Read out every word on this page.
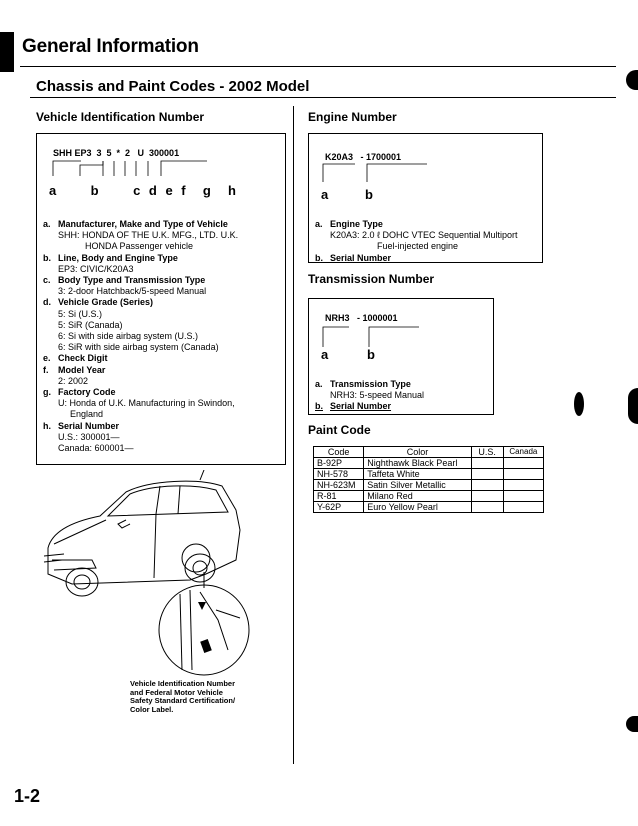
General Information
Chassis and Paint Codes - 2002 Model
Vehicle Identification Number
SHH EP3  3  5  *  2   U  300001
a    b    c d e f  g  h
a. Manufacturer, Make and Type of Vehicle
SHH: HONDA OF THE U.K. MFG., LTD. U.K.
HONDA Passenger vehicle
b. Line, Body and Engine Type
EP3: CIVIC/K20A3
c. Body Type and Transmission Type
3: 2-door Hatchback/5-speed Manual
d. Vehicle Grade (Series)
5: Si (U.S.)
5: SiR (Canada)
6: Si with side airbag system (U.S.)
6: SiR with side airbag system (Canada)
e. Check Digit
f. Model Year
2: 2002
g. Factory Code
U: Honda of U.K. Manufacturing in Swindon,
England
h. Serial Number
U.S.: 300001—
Canada: 600001—
Vehicle Identification Number
and Federal Motor Vehicle
Safety Standard Certification/
Color Label.
Engine Number
K20A3   - 1700001
a	b
a. Engine Type
K20A3: 2.0 ℓ DOHC VTEC Sequential Multiport
Fuel-injected engine
b. Serial Number
Transmission Number
NRH3   - 1000001
a	b
a. Transmission Type
NRH3: 5-speed Manual
b. Serial Number
Paint Code
Code	Color	U.S.	Canada
B-92P	Nighthawk Black Pearl		
NH-578	Taffeta White		
NH-623M	Satin Silver Metallic		
R-81	Milano Red		
Y-62P	Euro Yellow Pearl		
1-2
